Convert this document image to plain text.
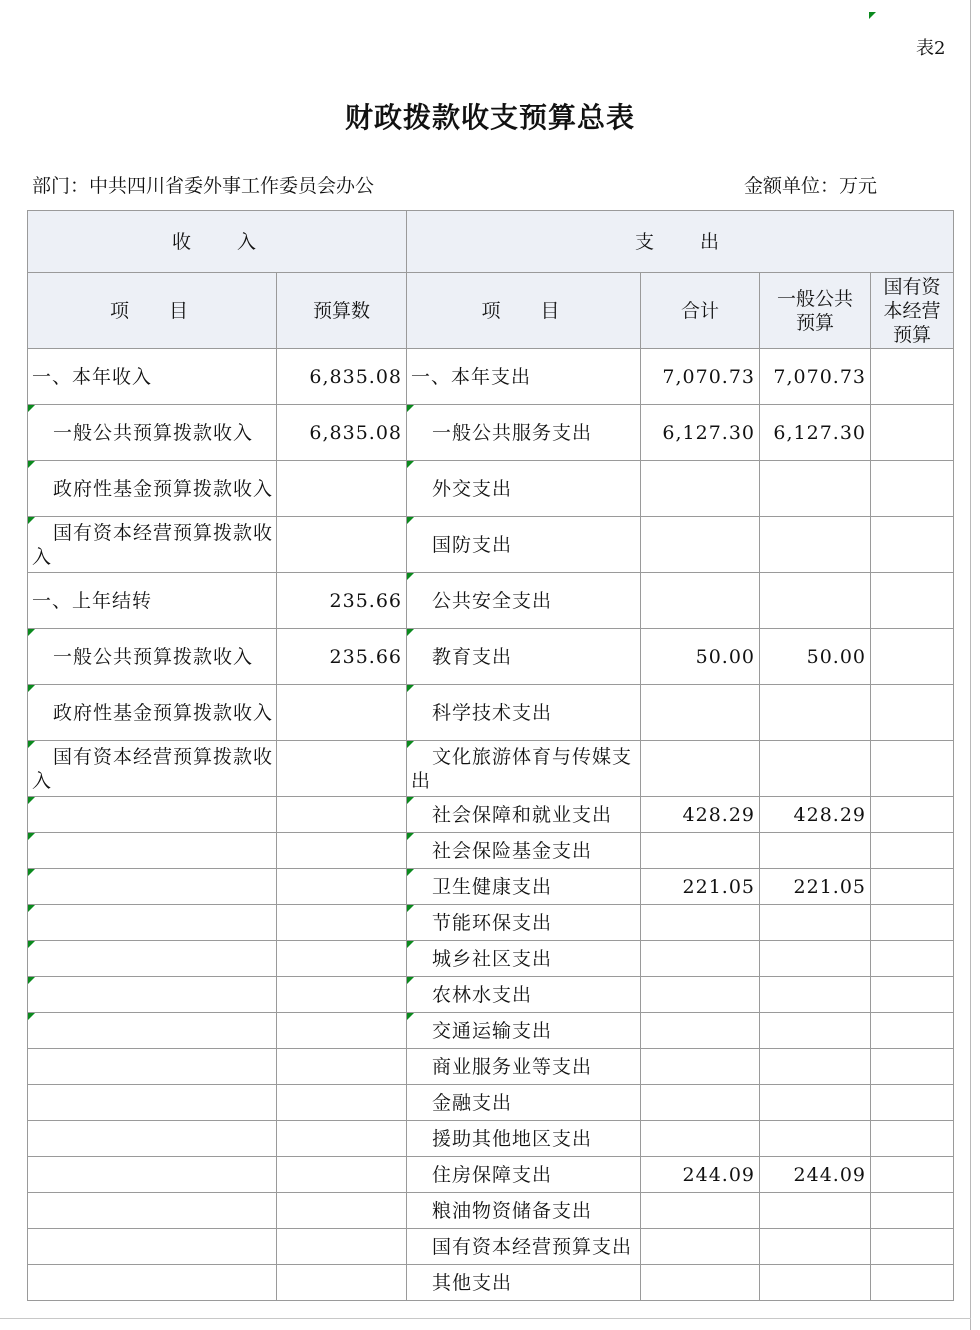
表2
财政拨款收支预算总表
部门：中共四川省委外事工作委员会办公	金额单位：万元
收入		支出			
项目	预算数	项目	合计	一般公共预算	国有资本经营预算
一、本年收入	6,835.08	一、本年支出	7,070.73	7,070.73	
一般公共预算拨款收入	6,835.08	一般公共服务支出	6,127.30	6,127.30	
政府性基金预算拨款收入		外交支出

国有资本经营预算拨款收入		国防支出

一、上年结转	235.66	公共安全支出

一般公共预算拨款收入	235.66	教育支出	50.00	50.00	
政府性基金预算拨款收入		科学技术支出

国有资本经营预算拨款收入		文化旅游体育与传媒支出

		社会保障和就业支出	428.29	428.29	

		社会保险基金支出

		卫生健康支出	221.05	221.05	

		节能环保支出

		城乡社区支出

		农林水支出

		交通运输支出

		商业服务业等支出			
		金融支出			
		援助其他地区支出			
		住房保障支出	244.09	244.09	
		粮油物资储备支出			
		国有资本经营预算支出			
		其他支出			
